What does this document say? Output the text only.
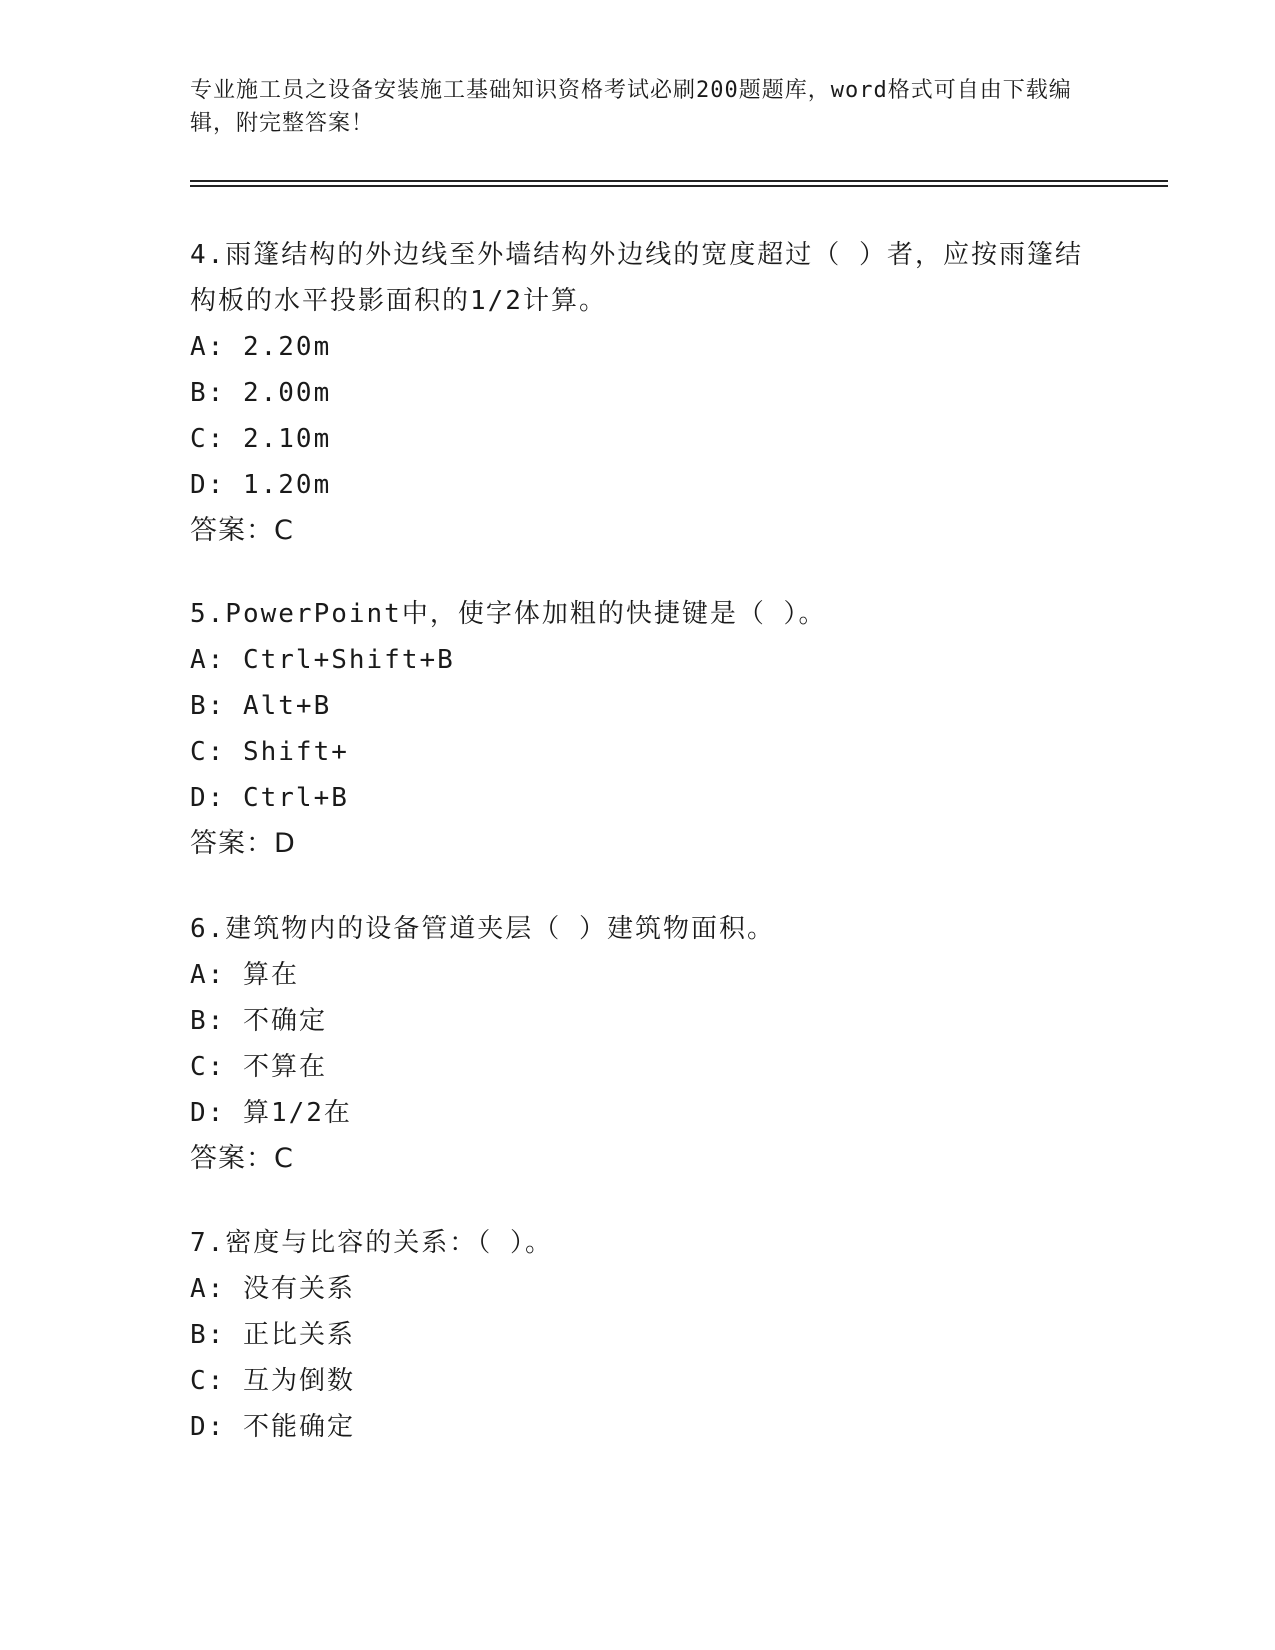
专业施工员之设备安装施工基础知识资格考试必刷200题题库，word格式可自由下载编辑，附完整答案！

4.雨篷结构的外边线至外墙结构外边线的宽度超过（ ）者，应按雨篷结构板的水平投影面积的1/2计算。

A: 2.20m

B: 2.00m

C: 2.10m

D: 1.20m

答案：C

5.PowerPoint中，使字体加粗的快捷键是（ ）。

A: Ctrl+Shift+B

B: Alt+B

C: Shift+

D: Ctrl+B

答案：D

6.建筑物内的设备管道夹层（ ）建筑物面积。

A: 算在

B: 不确定

C: 不算在

D: 算1/2在

答案：C

7.密度与比容的关系：（ ）。

A: 没有关系

B: 正比关系

C: 互为倒数

D: 不能确定
